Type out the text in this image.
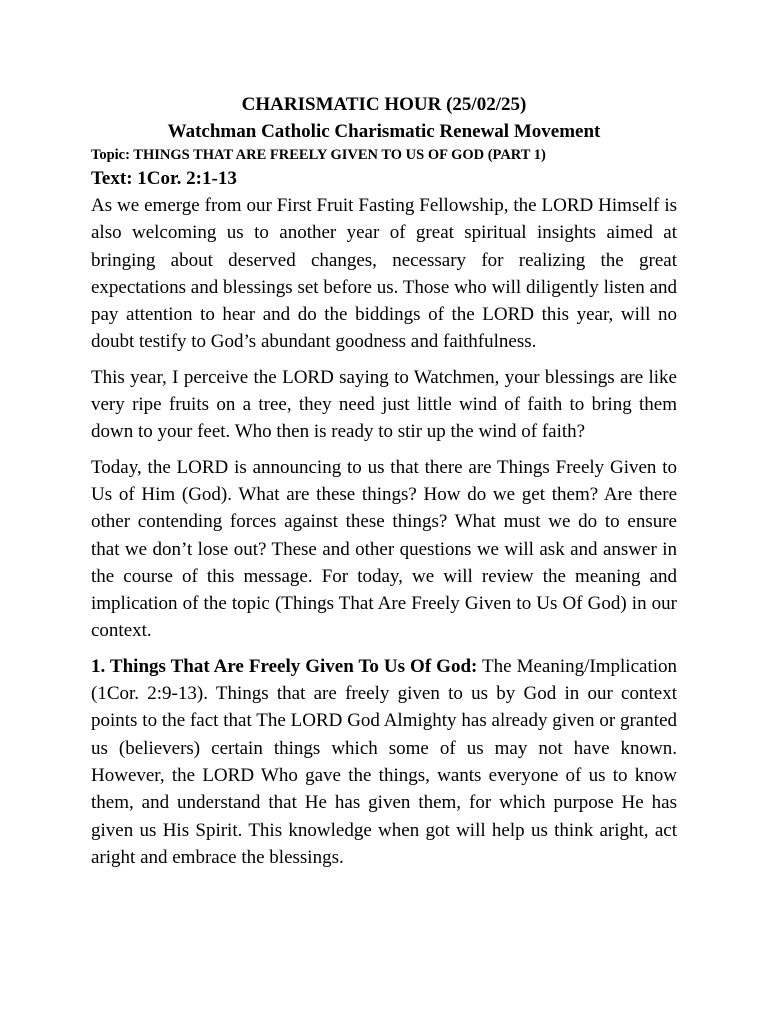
CHARISMATIC HOUR (25/02/25)

Watchman Catholic Charismatic Renewal Movement

Topic: THINGS THAT ARE FREELY GIVEN TO US OF GOD (PART 1)

Text: 1Cor. 2:1-13

As we emerge from our First Fruit Fasting Fellowship, the LORD Himself is also welcoming us to another year of great spiritual insights aimed at bringing about deserved changes, necessary for realizing the great expectations and blessings set before us. Those who will diligently listen and pay attention to hear and do the biddings of the LORD this year, will no doubt testify to God’s abundant goodness and faithfulness.

This year, I perceive the LORD saying to Watchmen, your blessings are like very ripe fruits on a tree, they need just little wind of faith to bring them down to your feet. Who then is ready to stir up the wind of faith?

Today, the LORD is announcing to us that there are Things Freely Given to Us of Him (God). What are these things? How do we get them? Are there other contending forces against these things? What must we do to ensure that we don’t lose out? These and other questions we will ask and answer in the course of this message. For today, we will review the meaning and implication of the topic (Things That Are Freely Given to Us Of God) in our context.

1. Things That Are Freely Given To Us Of God: The Meaning/Implication (1Cor. 2:9-13). Things that are freely given to us by God in our context points to the fact that The LORD God Almighty has already given or granted us (believers) certain things which some of us may not have known. However, the LORD Who gave the things, wants everyone of us to know them, and understand that He has given them, for which purpose He has given us His Spirit. This knowledge when got will help us think aright, act aright and embrace the blessings.
